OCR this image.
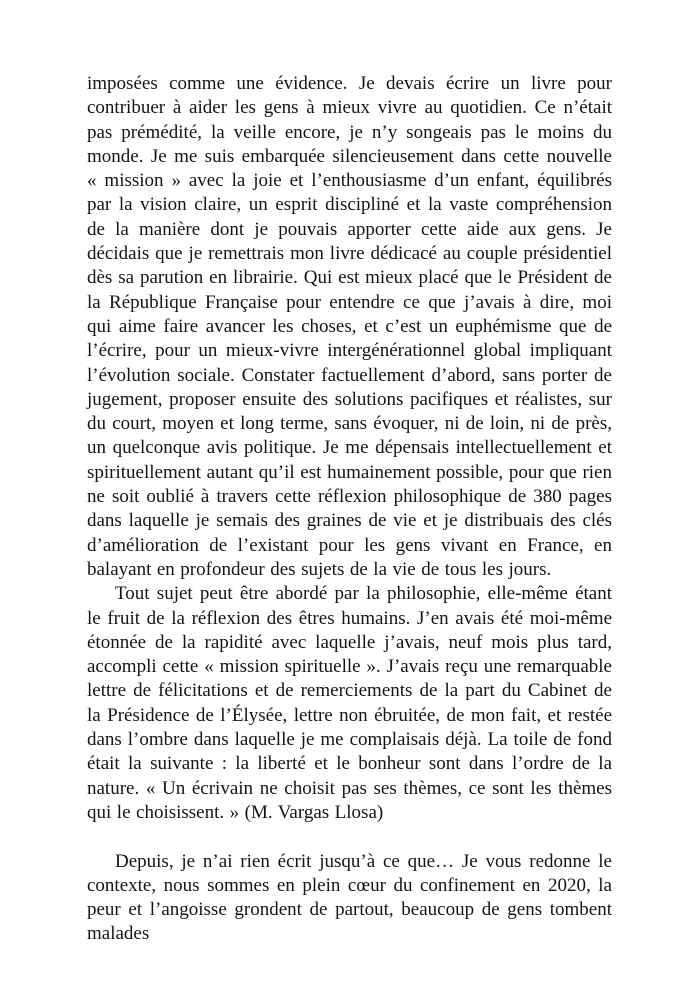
imposées comme une évidence. Je devais écrire un livre pour contribuer à aider les gens à mieux vivre au quotidien. Ce n’était pas prémédité, la veille encore, je n’y songeais pas le moins du monde. Je me suis embarquée silencieusement dans cette nouvelle « mission » avec la joie et l’enthousiasme d’un enfant, équilibrés par la vision claire, un esprit discipliné et la vaste compréhension de la manière dont je pouvais apporter cette aide aux gens. Je décidais que je remettrais mon livre dédicacé au couple présidentiel dès sa parution en librairie. Qui est mieux placé que le Président de la République Française pour entendre ce que j’avais à dire, moi qui aime faire avancer les choses, et c’est un euphémisme que de l’écrire, pour un mieux-vivre intergénérationnel global impliquant l’évolution sociale. Constater factuellement d’abord, sans porter de jugement, proposer ensuite des solutions pacifiques et réalistes, sur du court, moyen et long terme, sans évoquer, ni de loin, ni de près, un quelconque avis politique. Je me dépensais intellectuellement et spirituellement autant qu’il est humainement possible, pour que rien ne soit oublié à travers cette réflexion philosophique de 380 pages dans laquelle je semais des graines de vie et je distribuais des clés d’amélioration de l’existant pour les gens vivant en France, en balayant en profondeur des sujets de la vie de tous les jours.

Tout sujet peut être abordé par la philosophie, elle-même étant le fruit de la réflexion des êtres humains. J’en avais été moi-même étonnée de la rapidité avec laquelle j’avais, neuf mois plus tard, accompli cette « mission spirituelle ». J’avais reçu une remarquable lettre de félicitations et de remerciements de la part du Cabinet de la Présidence de l’Élysée, lettre non ébruitée, de mon fait, et restée dans l’ombre dans laquelle je me complaisais déjà. La toile de fond était la suivante : la liberté et le bonheur sont dans l’ordre de la nature. « Un écrivain ne choisit pas ses thèmes, ce sont les thèmes qui le choisissent. » (M. Vargas Llosa)

Depuis, je n’ai rien écrit jusqu’à ce que… Je vous redonne le contexte, nous sommes en plein cœur du confinement en 2020, la peur et l’angoisse grondent de partout, beaucoup de gens tombent malades
